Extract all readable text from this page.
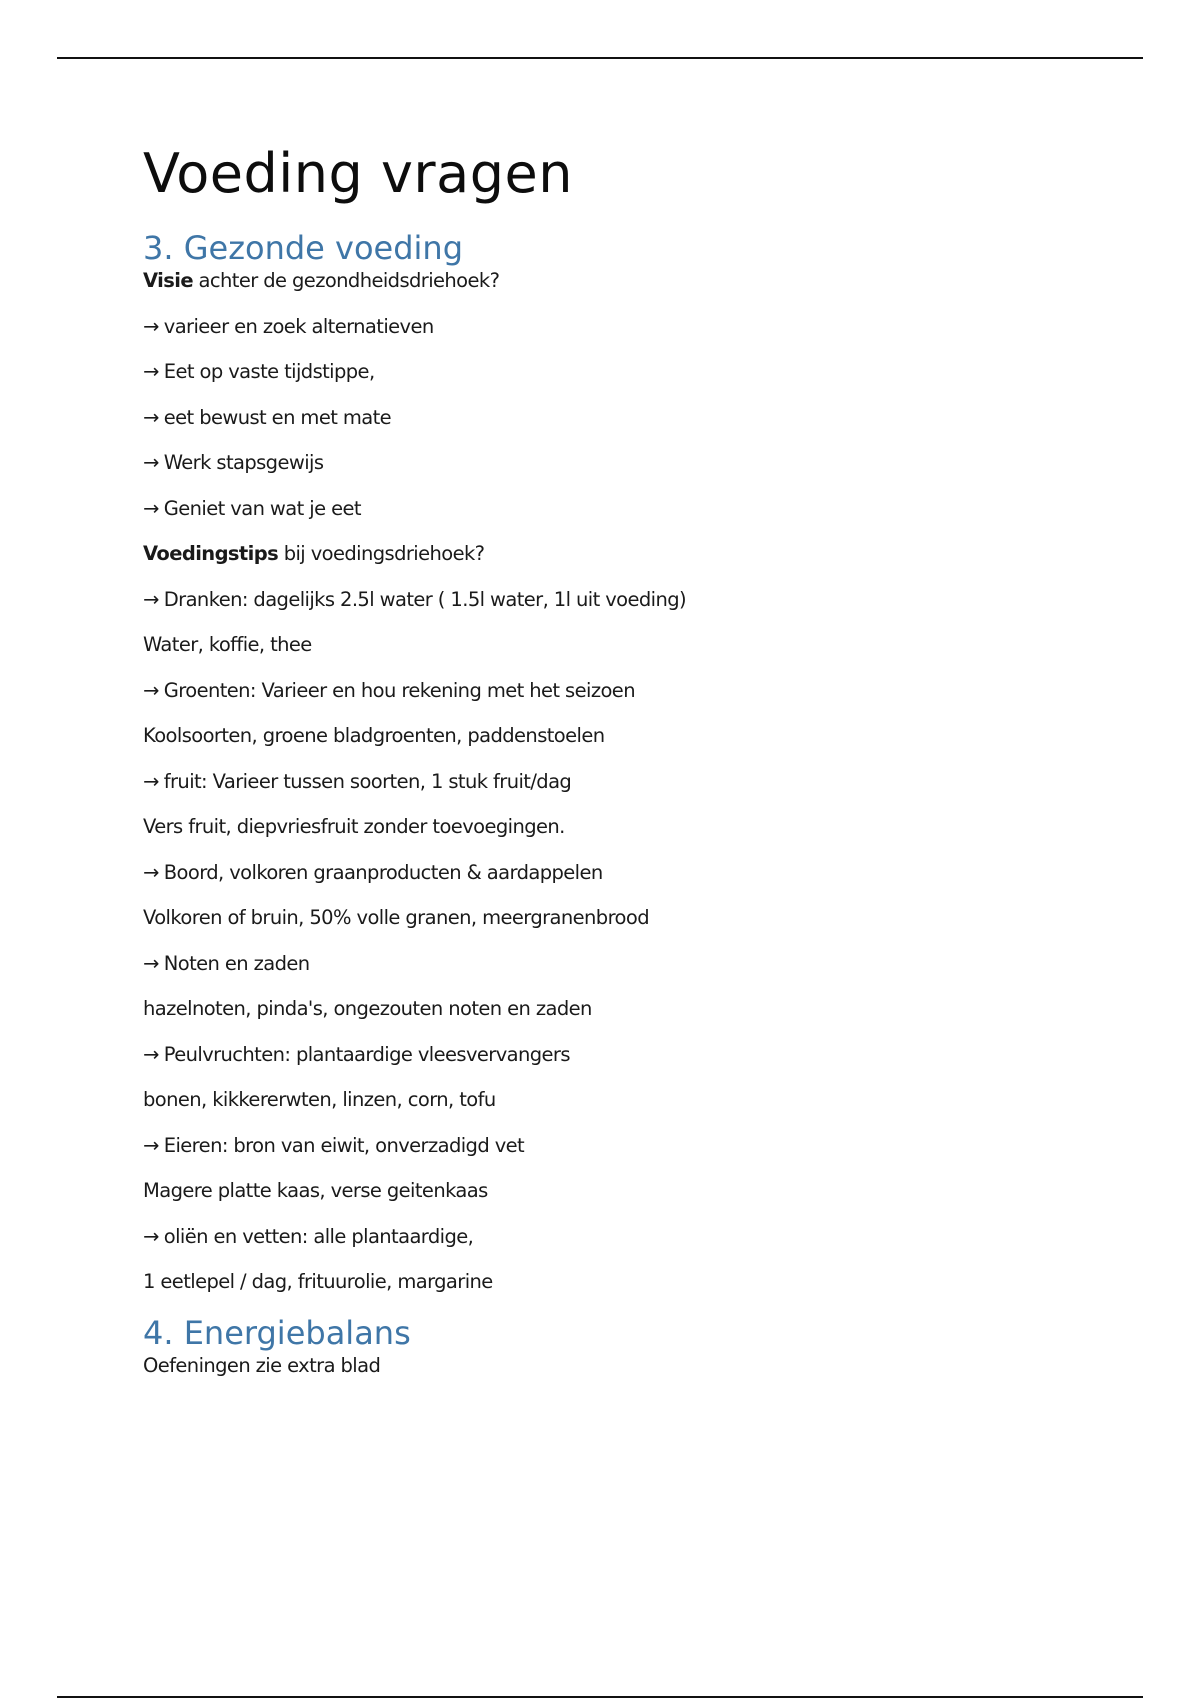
Voeding vragen
3. Gezonde voeding

Visie achter de gezondheidsdriehoek?

→ varieer en zoek alternatieven

→ Eet op vaste tijdstippe,

→ eet bewust en met mate

→ Werk stapsgewijs

→ Geniet van wat je eet

Voedingstips bij voedingsdriehoek?

→ Dranken: dagelijks 2.5l water ( 1.5l water, 1l uit voeding)

Water, koffie, thee

→ Groenten: Varieer en hou rekening met het seizoen

Koolsoorten, groene bladgroenten, paddenstoelen

→ fruit: Varieer tussen soorten, 1 stuk fruit/dag

Vers fruit, diepvriesfruit zonder toevoegingen.

→ Boord, volkoren graanproducten & aardappelen

Volkoren of bruin, 50% volle granen, meergranenbrood

→ Noten en zaden

hazelnoten, pinda's, ongezouten noten en zaden

→ Peulvruchten: plantaardige vleesvervangers

bonen, kikkererwten, linzen, corn, tofu

→ Eieren: bron van eiwit, onverzadigd vet

Magere platte kaas, verse geitenkaas

→ oliën en vetten: alle plantaardige,

1 eetlepel / dag, frituurolie, margarine

4. Energiebalans

Oefeningen zie extra blad
